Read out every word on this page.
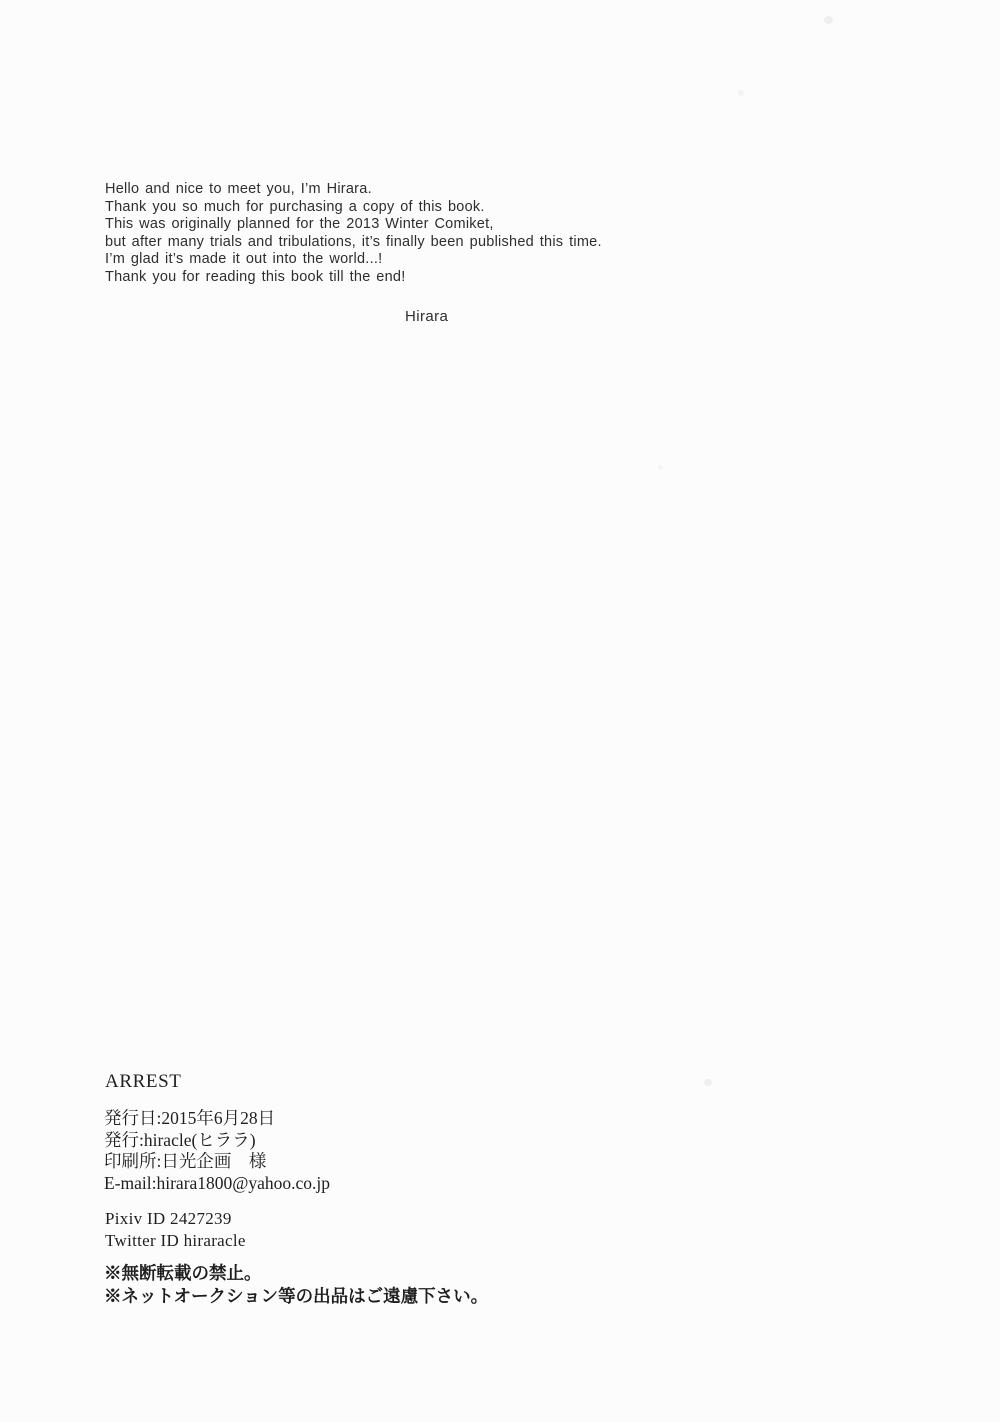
Hello and nice to meet you, I’m Hirara.

Thank you so much for purchasing a copy of this book.

This was originally planned for the 2013 Winter Comiket,

but after many trials and tribulations, it’s finally been published this time.

I’m glad it’s made it out into the world...!

Thank you for reading this book till the end!

Hirara
ARREST

発行日:2015年6月28日

発行:hiracle(ヒララ)

印刷所:日光企画　様

E-mail:hirara1800@yahoo.co.jp

Pixiv ID 2427239

Twitter ID hiraracle

※無断転載の禁止。

※ネットオークション等の出品はご遠慮下さい。
